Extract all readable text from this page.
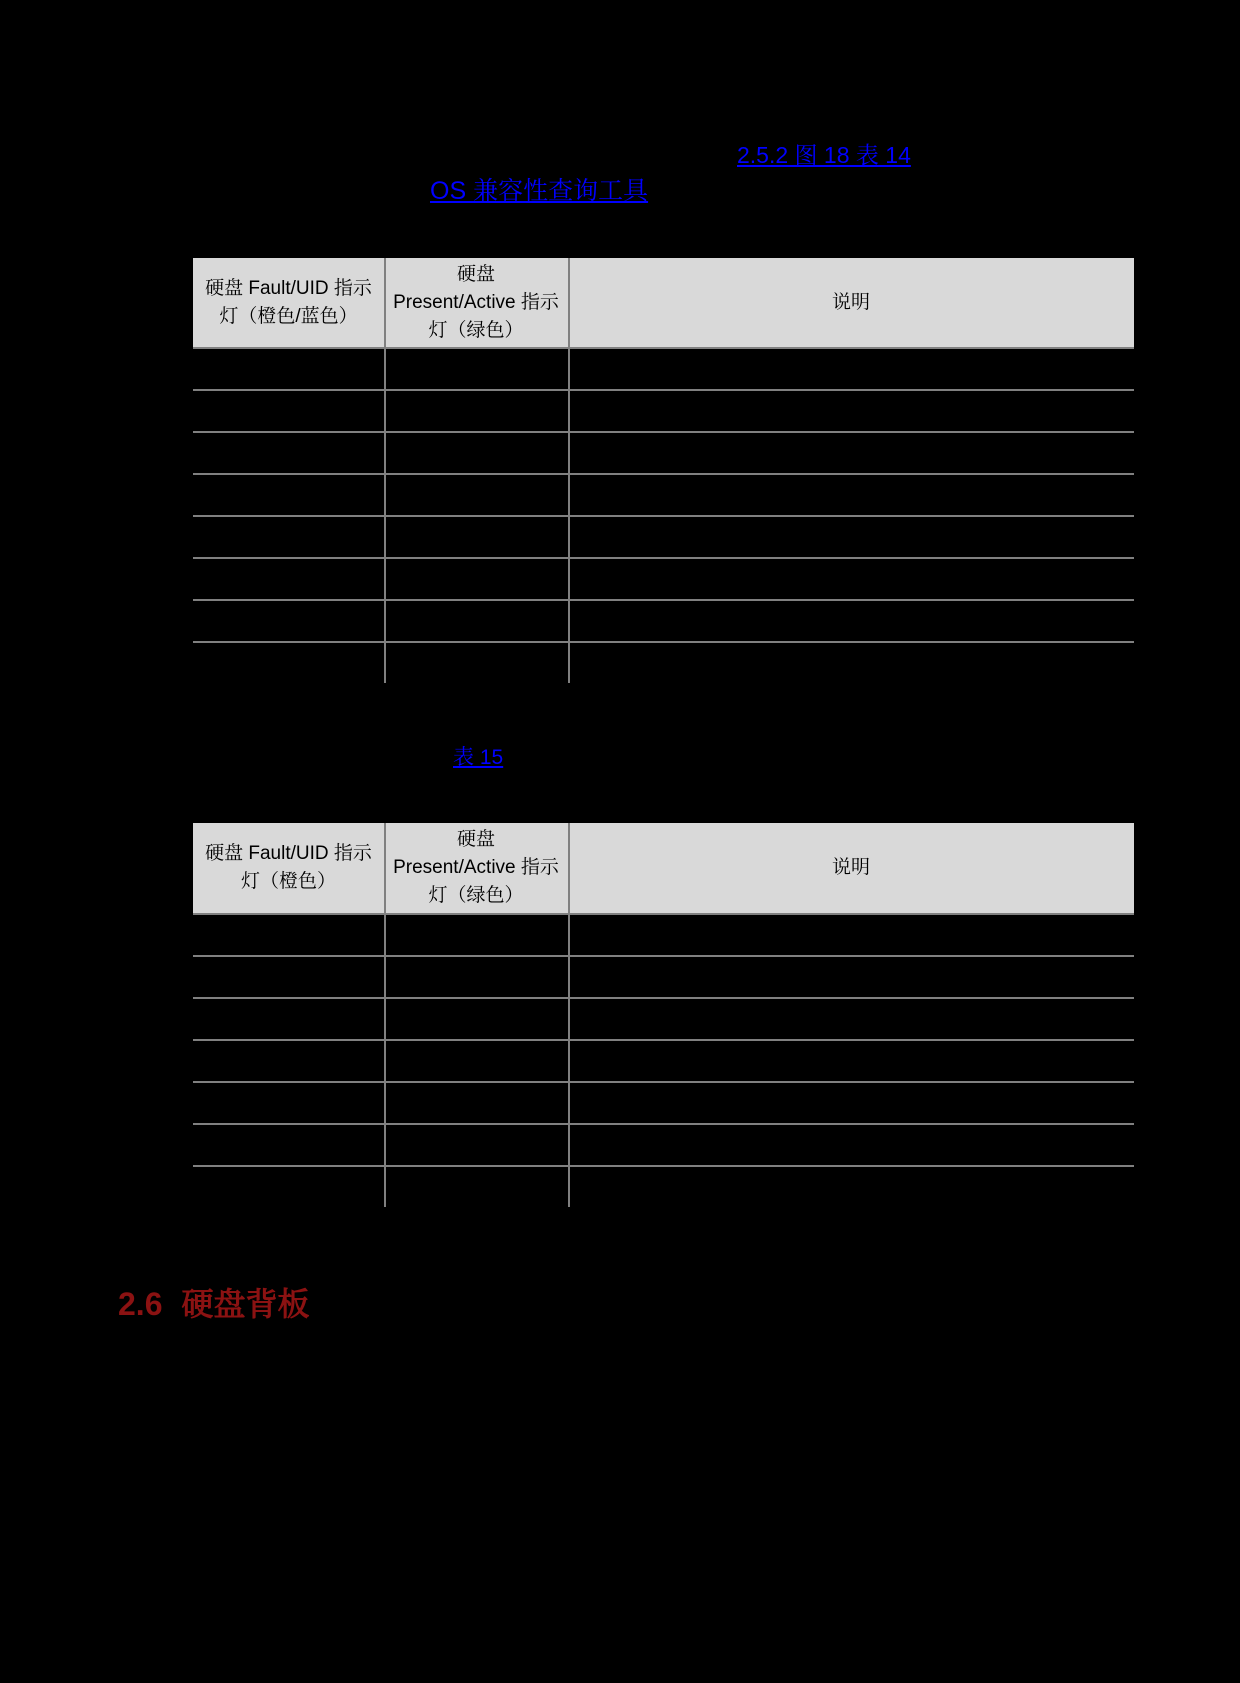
2.5.2 图 18 表 14
OS 兼容性查询工具
硬盘 Fault/UID 指示
灯（橙色/蓝色）
硬盘
Present/Active 指示
灯（绿色）
说明
表 15
硬盘 Fault/UID 指示
灯（橙色）
硬盘
Present/Active 指示
灯（绿色）
说明
2.6 硬盘背板
